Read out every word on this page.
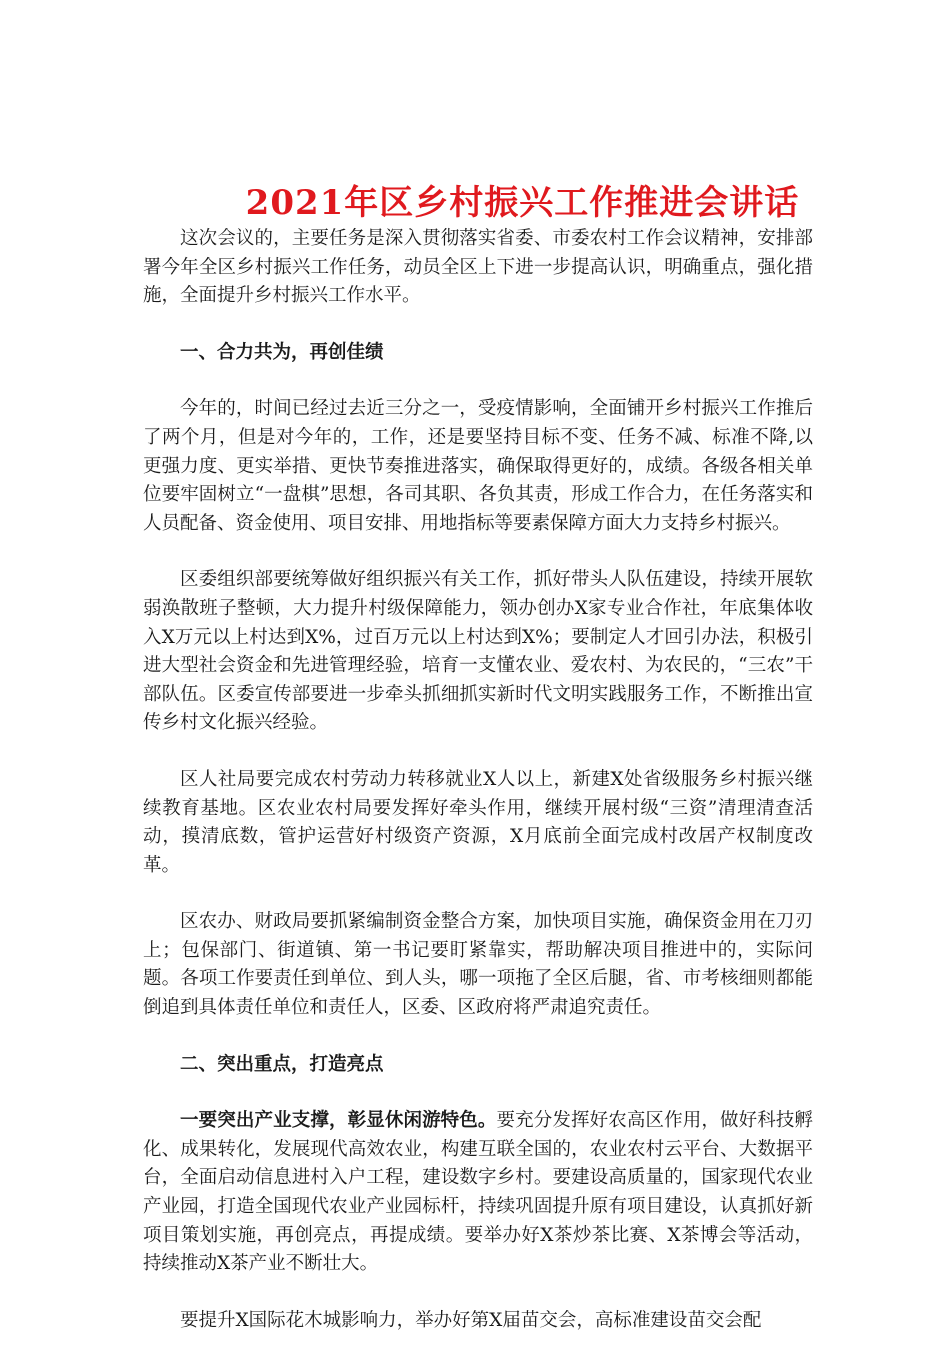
2021年区乡村振兴工作推进会讲话

这次会议的，主要任务是深入贯彻落实省委、市委农村工作会议精神，安排部署今年全区乡村振兴工作任务，动员全区上下进一步提高认识，明确重点，强化措施，全面提升乡村振兴工作水平。

一、合力共为，再创佳绩

今年的，时间已经过去近三分之一，受疫情影响，全面铺开乡村振兴工作推后了两个月，但是对今年的，工作，还是要坚持目标不变、任务不减、标准不降,以更强力度、更实举措、更快节奏推进落实，确保取得更好的，成绩。各级各相关单位要牢固树立“一盘棋”思想，各司其职、各负其责，形成工作合力，在任务落实和人员配备、资金使用、项目安排、用地指标等要素保障方面大力支持乡村振兴。

区委组织部要统筹做好组织振兴有关工作，抓好带头人队伍建设，持续开展软弱涣散班子整顿，大力提升村级保障能力，领办创办X家专业合作社，年底集体收入X万元以上村达到X%，过百万元以上村达到X%；要制定人才回引办法，积极引进大型社会资金和先进管理经验，培育一支懂农业、爱农村、为农民的，“三农”干部队伍。区委宣传部要进一步牵头抓细抓实新时代文明实践服务工作，不断推出宣传乡村文化振兴经验。

区人社局要完成农村劳动力转移就业X人以上，新建X处省级服务乡村振兴继续教育基地。区农业农村局要发挥好牵头作用，继续开展村级“三资”清理清查活动，摸清底数，管护运营好村级资产资源，X月底前全面完成村改居产权制度改革。

区农办、财政局要抓紧编制资金整合方案，加快项目实施，确保资金用在刀刃上；包保部门、街道镇、第一书记要盯紧靠实，帮助解决项目推进中的，实际问题。各项工作要责任到单位、到人头，哪一项拖了全区后腿，省、市考核细则都能倒追到具体责任单位和责任人，区委、区政府将严肃追究责任。

二、突出重点，打造亮点

一要突出产业支撑，彰显休闲游特色。要充分发挥好农高区作用，做好科技孵化、成果转化，发展现代高效农业，构建互联全国的，农业农村云平台、大数据平台，全面启动信息进村入户工程，建设数字乡村。要建设高质量的，国家现代农业产业园，打造全国现代农业产业园标杆，持续巩固提升原有项目建设，认真抓好新项目策划实施，再创亮点，再提成绩。要举办好X茶炒茶比赛、X茶博会等活动，持续推动X茶产业不断壮大。

要提升X国际花木城影响力，举办好第X届苗交会，高标准建设苗交会配
